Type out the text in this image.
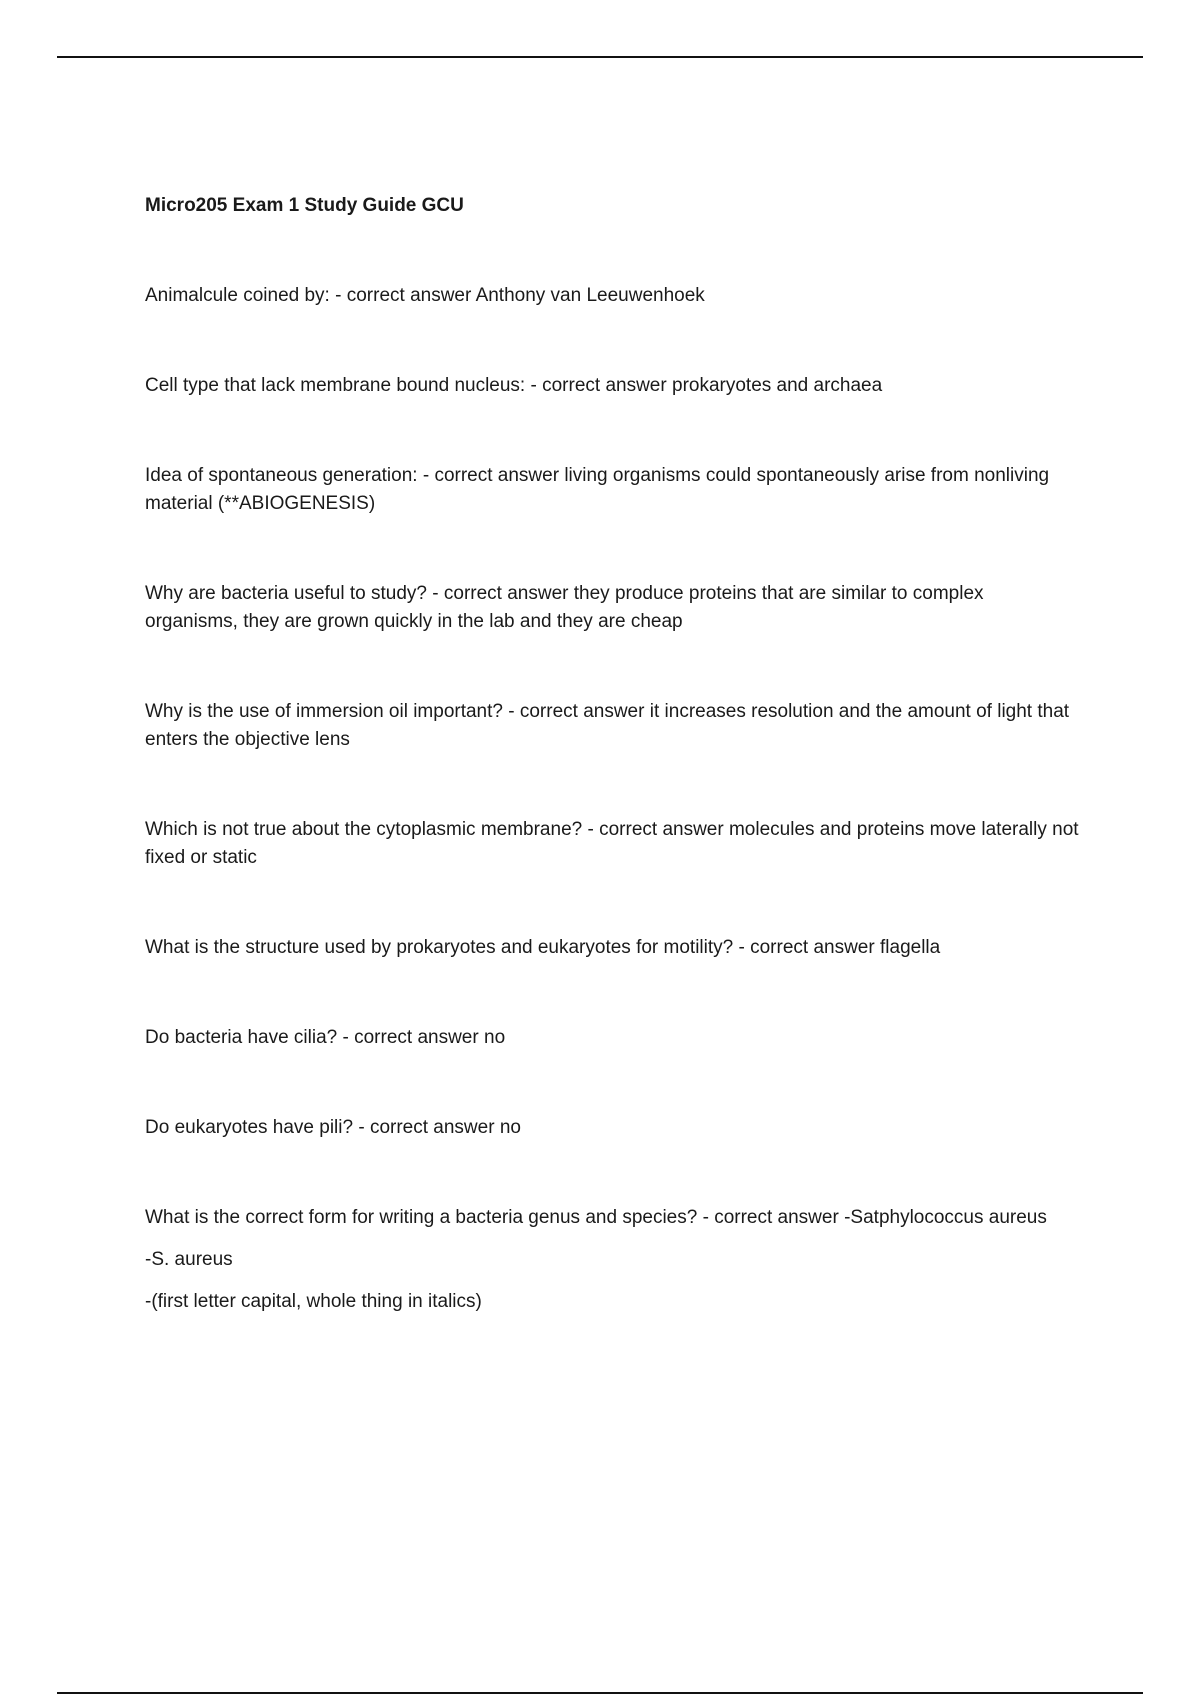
Micro205 Exam 1 Study Guide GCU

Animalcule coined by: - correct answer Anthony van Leeuwenhoek

Cell type that lack membrane bound nucleus: - correct answer prokaryotes and archaea

Idea of spontaneous generation: - correct answer living organisms could spontaneously arise from nonliving material (**ABIOGENESIS)

Why are bacteria useful to study? - correct answer they produce proteins that are similar to complex organisms, they are grown quickly in the lab and they are cheap

Why is the use of immersion oil important? - correct answer it increases resolution and the amount of light that enters the objective lens

Which is not true about the cytoplasmic membrane? - correct answer molecules and proteins move laterally not fixed or static

What is the structure used by prokaryotes and eukaryotes for motility? - correct answer flagella

Do bacteria have cilia? - correct answer no

Do eukaryotes have pili? - correct answer no

What is the correct form for writing a bacteria genus and species? - correct answer -Satphylococcus aureus

-S. aureus

-(first letter capital, whole thing in italics)
